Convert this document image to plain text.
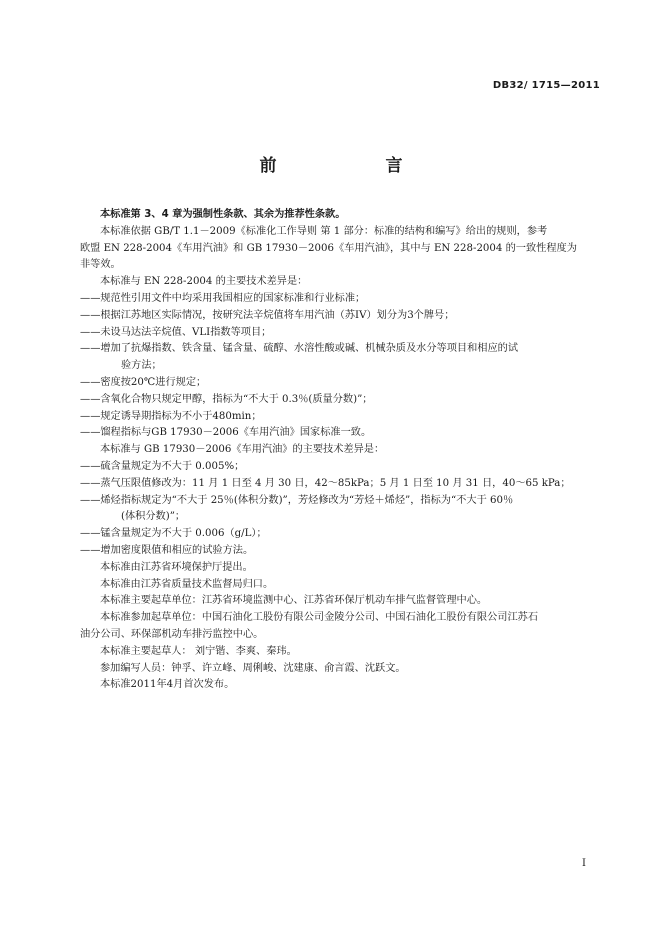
DB32/ 1715—2011
前　言

本标准第 3、4 章为强制性条款、其余为推荐性条款。

本标准依据 GB/T 1.1－2009《标准化工作导则 第 1 部分：标准的结构和编写》给出的规则，参考

欧盟 EN 228-2004《车用汽油》和 GB 17930－2006《车用汽油》，其中与 EN 228-2004 的一致性程度为

非等效。

本标准与 EN 228-2004 的主要技术差异是：

——规范性引用文件中均采用我国相应的国家标准和行业标准；

——根据江苏地区实际情况，按研究法辛烷值将车用汽油（苏IV）划分为3个牌号；

——未设马达法辛烷值、VLI指数等项目；

——增加了抗爆指数、铁含量、锰含量、硫醇、水溶性酸或碱、机械杂质及水分等项目和相应的试

验方法；

——密度按20℃进行规定；

——含氧化合物只规定甲醇，指标为“不大于 0.3％(质量分数)”；

——规定诱导期指标为不小于480min；

——馏程指标与GB 17930－2006《车用汽油》国家标准一致。

本标准与 GB 17930－2006《车用汽油》的主要技术差异是：

——硫含量规定为不大于 0.005%；

——蒸气压限值修改为：11 月 1 日至 4 月 30 日，42～85kPa；5 月 1 日至 10 月 31 日，40～65 kPa；

——烯烃指标规定为“不大于 25％(体积分数)”，芳烃修改为“芳烃＋烯烃”，指标为“不大于 60％

(体积分数)”；

——锰含量规定为不大于 0.006（g/L）；

——增加密度限值和相应的试验方法。

本标准由江苏省环境保护厅提出。

本标准由江苏省质量技术监督局归口。

本标准主要起草单位：江苏省环境监测中心、江苏省环保厅机动车排气监督管理中心。

本标准参加起草单位：中国石油化工股份有限公司金陵分公司、中国石油化工股份有限公司江苏石

油分公司、环保部机动车排污监控中心。

本标准主要起草人： 刘宁锴、李爽、秦玮。

参加编写人员：钟孚、许立峰、周俐峻、沈建康、俞言霞、沈跃文。

本标准2011年4月首次发布。

I
